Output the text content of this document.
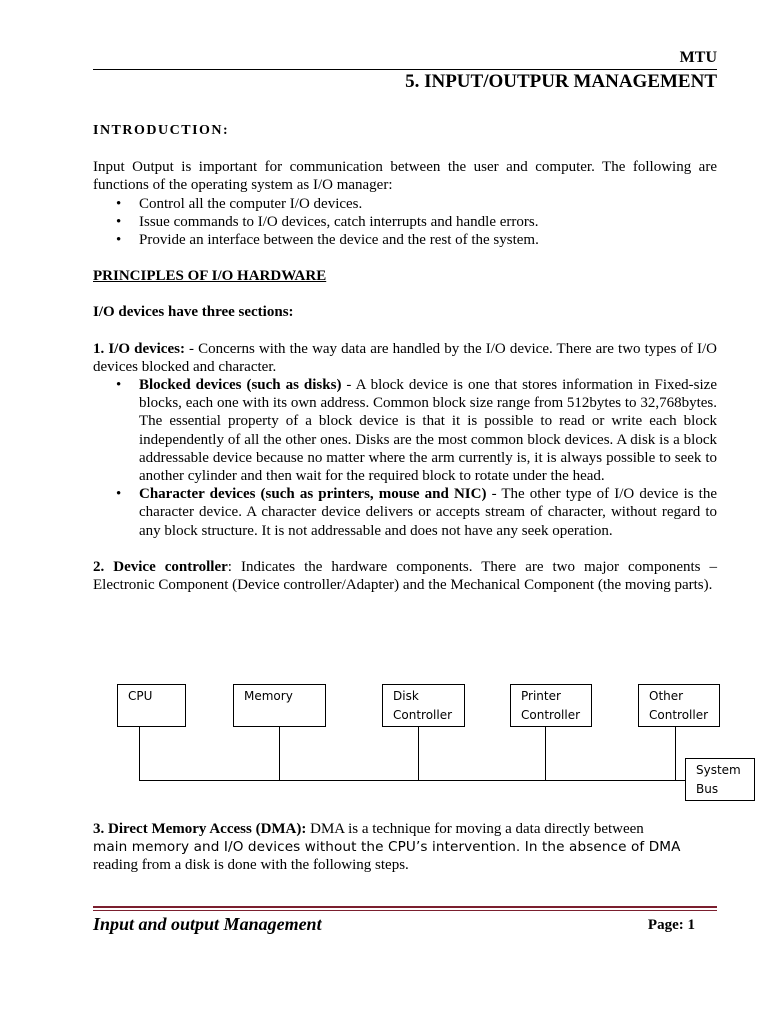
MTU
5. INPUT/OUTPUR MANAGEMENT
INTRODUCTION:

Input Output is important for communication between the user and computer. The following are functions of the operating system as I/O manager:

• Control all the computer I/O devices.
• Issue commands to I/O devices, catch interrupts and handle errors.
• Provide an interface between the device and the rest of the system.
PRINCIPLES OF I/O HARDWARE
I/O devices have three sections:

1. I/O devices: - Concerns with the way data are handled by the I/O device. There are two types of I/O devices blocked and character.

• Blocked devices (such as disks) - A block device is one that stores information in Fixed-size blocks, each one with its own address. Common block size range from 512bytes to 32,768bytes. The essential property of a block device is that it is possible to read or write each block independently of all the other ones. Disks are the most common block devices. A disk is a block addressable device because no matter where the arm currently is, it is always possible to seek to another cylinder and then wait for the required block to rotate under the head.
• Character devices (such as printers, mouse and NIC) - The other type of I/O device is the character device. A character device delivers or accepts stream of character, without regard to any block structure. It is not addressable and does not have any seek operation.

2. Device controller: Indicates the hardware components. There are two major components – Electronic Component (Device controller/Adapter) and the Mechanical Component (the moving parts).

CPU	Memory	Disk
Controller
Printer
Controller
Other
Controller
System
Bus
3. Direct Memory Access (DMA): DMA is a technique for moving a data directly between
main memory and I/O devices without the CPU’s intervention. In the absence of DMA
reading from a disk is done with the following steps.
Input and output Management	Page: 1
